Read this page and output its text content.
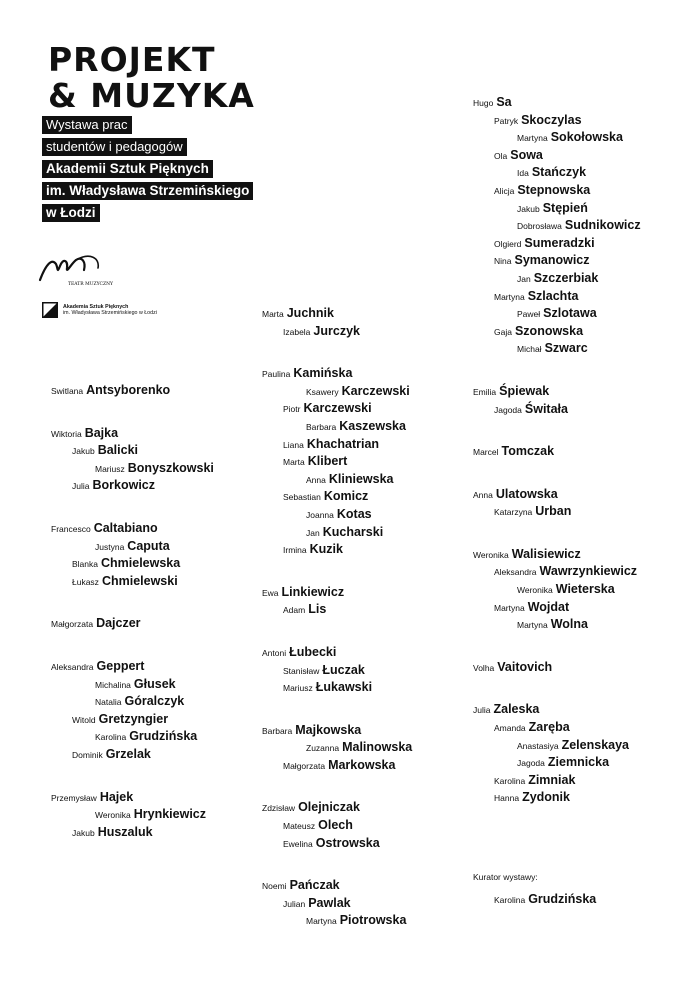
PROJEKT
& MUZYKA
Wystawa prac
studentów i pedagogów
Akademii Sztuk Pięknych
im. Władysława Strzemińskiego
w Łodzi
TEATR MUZYCZNY
Akademia Sztuk Pięknych
im. Władysława Strzemińskiego w Łodzi
Switlana Antsyborenko
Wiktoria Bajka
Jakub Balicki
Mariusz Bonyszkowski
Julia Borkowicz
Francesco Caltabiano
Justyna Caputa
Blanka Chmielewska
Łukasz Chmielewski
Małgorzata Dajczer
Aleksandra Geppert
Michalina Głusek
Natalia Góralczyk
Witold Gretzyngier
Karolina Grudzińska
Dominik Grzelak
Przemysław Hajek
Weronika Hrynkiewicz
Jakub Huszaluk
Marta Juchnik
Izabela Jurczyk
Paulina Kamińska
Ksawery Karczewski
Piotr Karczewski
Barbara Kaszewska
Liana Khachatrian
Marta Klibert
Anna Kliniewska
Sebastian Komicz
Joanna Kotas
Jan Kucharski
Irmina Kuzik
Ewa Linkiewicz
Adam Lis
Antoni Łubecki
Stanisław Łuczak
Mariusz Łukawski
Barbara Majkowska
Zuzanna Malinowska
Małgorzata Markowska
Zdzisław Olejniczak
Mateusz Olech
Ewelina Ostrowska
Noemi Pańczak
Julian Pawlak
Martyna Piotrowska
Hugo Sa
Patryk Skoczylas
Martyna Sokołowska
Ola Sowa
Ida Stańczyk
Alicja Stepnowska
Jakub Stępień
Dobrosława Sudnikowicz
Olgierd Sumeradzki
Nina Symanowicz
Jan Szczerbiak
Martyna Szlachta
Paweł Szlotawa
Gaja Szonowska
Michał Szwarc
Emilia Śpiewak
Jagoda Świtała
Marcel Tomczak
Anna Ulatowska
Katarzyna Urban
Weronika Walisiewicz
Aleksandra Wawrzynkiewicz
Weronika Wieterska
Martyna Wojdat
Martyna Wolna
Volha Vaitovich
Julia Zaleska
Amanda Zaręba
Anastasiya Zelenskaya
Jagoda Ziemnicka
Karolina Zimniak
Hanna Zydonik
Kurator wystawy:
Karolina Grudzińska
